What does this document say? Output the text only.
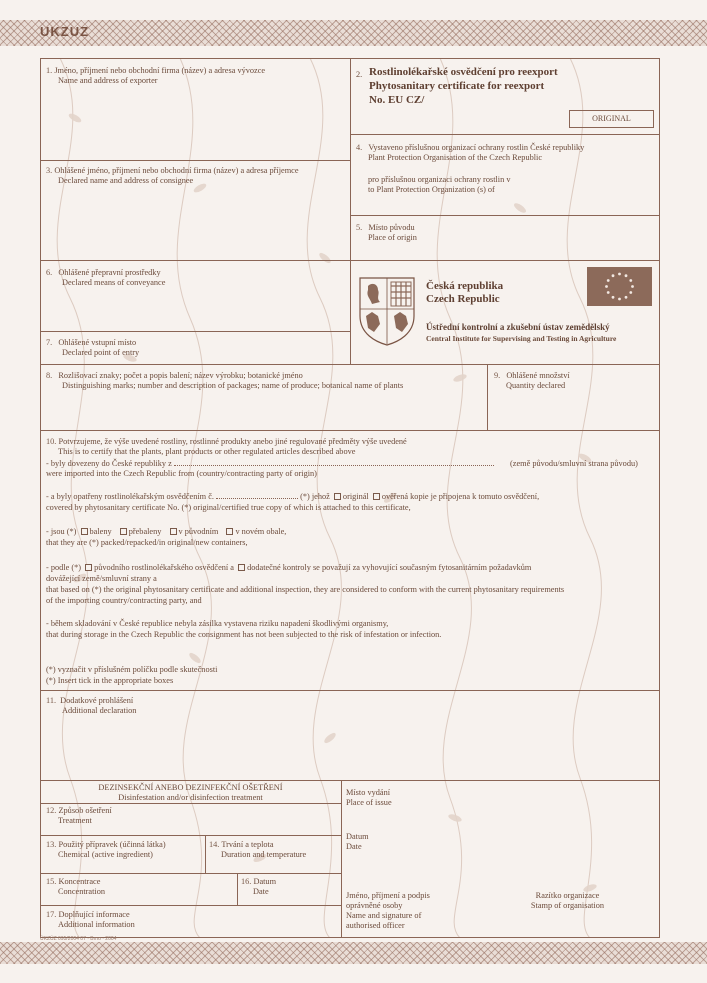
UKZUZ
1. Jméno, příjmení nebo obchodní firma (název) a adresa vývozce
Name and address of exporter
2. Rostlinolékařské osvědčení pro reexport
Phytosanitary certificate for reexport
No. EU CZ/
ORIGINAL
3. Ohlášené jméno, příjmení nebo obchodní firma (název) a adresa příjemce
Declared name and address of consignee
4. Vystaveno příslušnou organizací ochrany rostlin České republiky
Plant Protection Organisation of the Czech Republic
pro příslušnou organizaci ochrany rostlin v
to Plant Protection Organization (s) of
5. Místo původu
Place of origin
6. Ohlášené přepravní prostředky
Declared means of conveyance
7. Ohlášené vstupní místo
Declared point of entry
Česká republika
Czech Republic
Ústřední kontrolní a zkušební ústav zemědělský
Central Institute for Supervising and Testing in Agriculture
8. Rozlišovací znaky; počet a popis balení; název výrobku; botanické jméno
Distinguishing marks; number and description of packages; name of produce; botanical name of plants
9. Ohlášené množství
Quantity declared
10. Potvrzujeme, že výše uvedené rostliny, rostlinné produkty anebo jiné regulované předměty výše uvedené
This is to certify that the plants, plant products or other regulated articles described above
- byly dovezeny do České republiky z	(země původu/smluvní strana původu)
were imported into the Czech Republic from (country/contracting party of origin)
- a byly opatřeny rostlinolékařským osvědčením č.	(*) jehož originál ověřená kopie je připojena k tomuto osvědčení,
covered by phytosanitary certificate No. (*) original/certified true copy of which is attached to this certificate,
- jsou (*) baleny přebaleny v původním v novém obale,
that they are (*) packed/repacked/in original/new containers,
- podle (*) původního rostlinolékařského osvědčení a dodatečné kontroly se považují za vyhovující současným fytosanitárním požadavkům
dovážející země/smluvní strany a
that based on (*) the original phytosanitary certificate and additional inspection, they are considered to conform with the current phytosanitary requirements
of the importing country/contracting party, and
- během skladování v České republice nebyla zásilka vystavena riziku napadení škodlivými organismy,
that during storage in the Czech Republic the consignment has not been subjected to the risk of infestation or infection.
(*) vyznačit v příslušném políčku podle skutečnosti
(*) Insert tick in the appropriate boxes
11. Dodatkové prohlášení
Additional declaration
DEZINSEKČNÍ ANEBO DEZINFEKČNÍ OŠETŘENÍ
Disinfestation and/or disinfection treatment
12. Způsob ošetření
Treatment
13. Použitý přípravek (účinná látka)
Chemical (active ingredient)
14. Trvání a teplota
Duration and temperature
15. Koncentrace
Concentration
16. Datum
Date
17. Doplňující informace
Additional information
Místo vydání
Place of issue
Datum
Date
Jméno, příjmení a podpis
oprávněné osoby
Name and signature of
authorised officer
Razítko organizace
Stamp of organisation
ÚKZÚZ 095/2004 07 · Brno · 2004
